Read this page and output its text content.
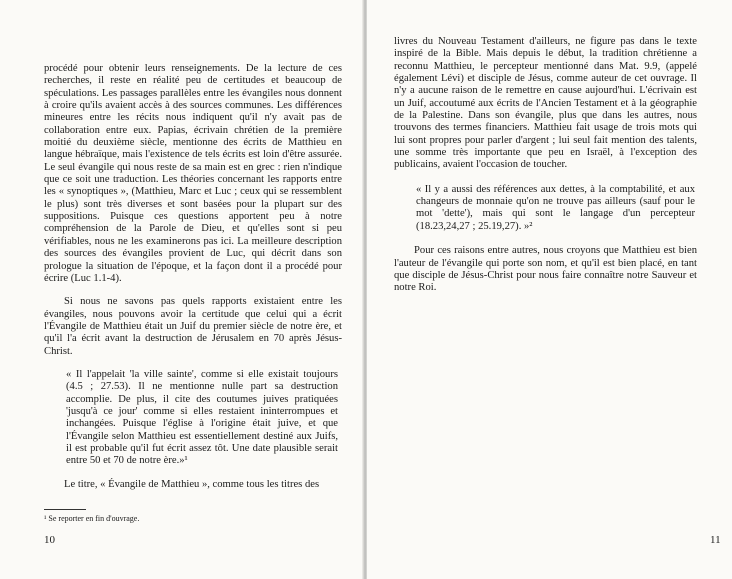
procédé pour obtenir leurs renseignements. De la lecture de ces recherches, il reste en réalité peu de certitudes et beaucoup de spéculations. Les passages parallèles entre les évangiles nous donnent à croire qu'ils avaient accès à des sources communes. Les différences mineures entre les récits nous indiquent qu'il n'y avait pas de collaboration entre eux. Papias, écrivain chrétien de la première moitié du deuxième siècle, mentionne des écrits de Matthieu en langue hébraïque, mais l'existence de tels écrits est loin d'être assurée. Le seul évangile qui nous reste de sa main est en grec : rien n'indique que ce soit une traduction. Les théories concernant les rapports entre les « synoptiques », (Matthieu, Marc et Luc ; ceux qui se ressemblent le plus) sont très diverses et sont basées pour la plupart sur des suppositions. Puisque ces questions apportent peu à notre compréhension de la Parole de Dieu, et qu'elles sont si peu vérifiables, nous ne les examinerons pas ici. La meilleure description des sources des évangiles provient de Luc, qui décrit dans son prologue la situation de l'époque, et la façon dont il a procédé pour écrire (Luc 1.1-4).

Si nous ne savons pas quels rapports existaient entre les évangiles, nous pouvons avoir la certitude que celui qui a écrit l'Évangile de Matthieu était un Juif du premier siècle de notre ère, et qu'il l'a écrit avant la destruction de Jérusalem en 70 après Jésus-Christ.

« Il l'appelait 'la ville sainte', comme si elle existait toujours (4.5 ; 27.53). Il ne mentionne nulle part sa destruction accomplie. De plus, il cite des coutumes juives pratiquées 'jusqu'à ce jour' comme si elles restaient ininterrompues et inchangées. Puisque l'église à l'origine était juive, et que l'Évangile selon Matthieu est essentiellement destiné aux Juifs, il est probable qu'il fut écrit assez tôt. Une date plausible serait entre 50 et 70 de notre ère.»¹

Le titre, « Évangile de Matthieu », comme tous les titres des

¹ Se reporter en fin d'ouvrage.
10

livres du Nouveau Testament d'ailleurs, ne figure pas dans le texte inspiré de la Bible. Mais depuis le début, la tradition chrétienne a reconnu Matthieu, le percepteur mentionné dans Mat. 9.9, (appelé également Lévi) et disciple de Jésus, comme auteur de cet ouvrage. Il n'y a aucune raison de le remettre en cause aujourd'hui. L'écrivain est un Juif, accoutumé aux écrits de l'Ancien Testament et à la géographie de la Palestine. Dans son évangile, plus que dans les autres, nous trouvons des termes financiers. Matthieu fait usage de trois mots qui lui sont propres pour parler d'argent ; lui seul fait mention des talents, une somme très importante que peu en Israël, à l'exception des publicains, avaient l'occasion de toucher.

« Il y a aussi des références aux dettes, à la comptabilité, et aux changeurs de monnaie qu'on ne trouve pas ailleurs (sauf pour le mot 'dette'), mais qui sont le langage d'un percepteur (18.23,24,27 ; 25.19,27). »²

Pour ces raisons entre autres, nous croyons que Matthieu est bien l'auteur de l'évangile qui porte son nom, et qu'il est bien placé, en tant que disciple de Jésus-Christ pour nous faire connaître notre Sauveur et notre Roi.

11
